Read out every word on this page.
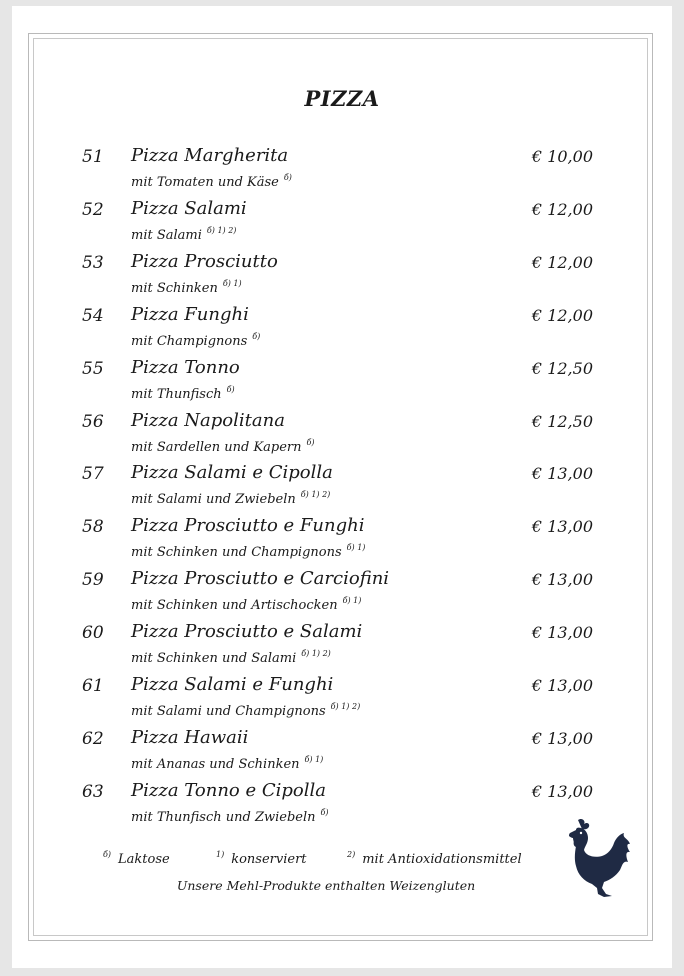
PIZZA
51 Pizza Margherita
mit Tomaten und Käse $^{б)}$
€ 10,00
52 Pizza Salami
mit Salami $^{б) 1) 2)}$
€ 12,00
53 Pizza Prosciutto
mit Schinken $^{б) 1)}$
€ 12,00
54 Pizza Funghi
mit Champignons $^{б)}$
€ 12,00
55 Pizza Tonno
mit Thunfisch $^{б)}$
€ 12,50
56 Pizza Napolitana
mit Sardellen und Kapern $^{б)}$
€ 12,50
57 Pizza Salami e Cipolla
mit Salami und Zwiebeln $^{б) 1) 2)}$
€ 13,00
58 Pizza Prosciutto e Funghi
mit Schinken und Champignons $^{б) 1)}$
€ 13,00
59 Pizza Prosciutto e Carciofini
mit Schinken und Artischocken $^{б) 1)}$
€ 13,00
60 Pizza Prosciutto e Salami
mit Schinken und Salami $^{б) 1) 2)}$
€ 13,00
61 Pizza Salami e Funghi
mit Salami und Champignons $^{б) 1) 2)}$
€ 13,00
62 Pizza Hawaii
mit Ananas und Schinken $^{б) 1)}$
€ 13,00
63 Pizza Tonno e Cipolla
mit Thunfisch und Zwiebeln $^{б)}$
€ 13,00
$^{б)}$ Laktose	$^{1)}$ konserviert	$^{2)}$ mit Antioxidationsmittel
Unsere Mehl-Produkte enthalten Weizengluten
